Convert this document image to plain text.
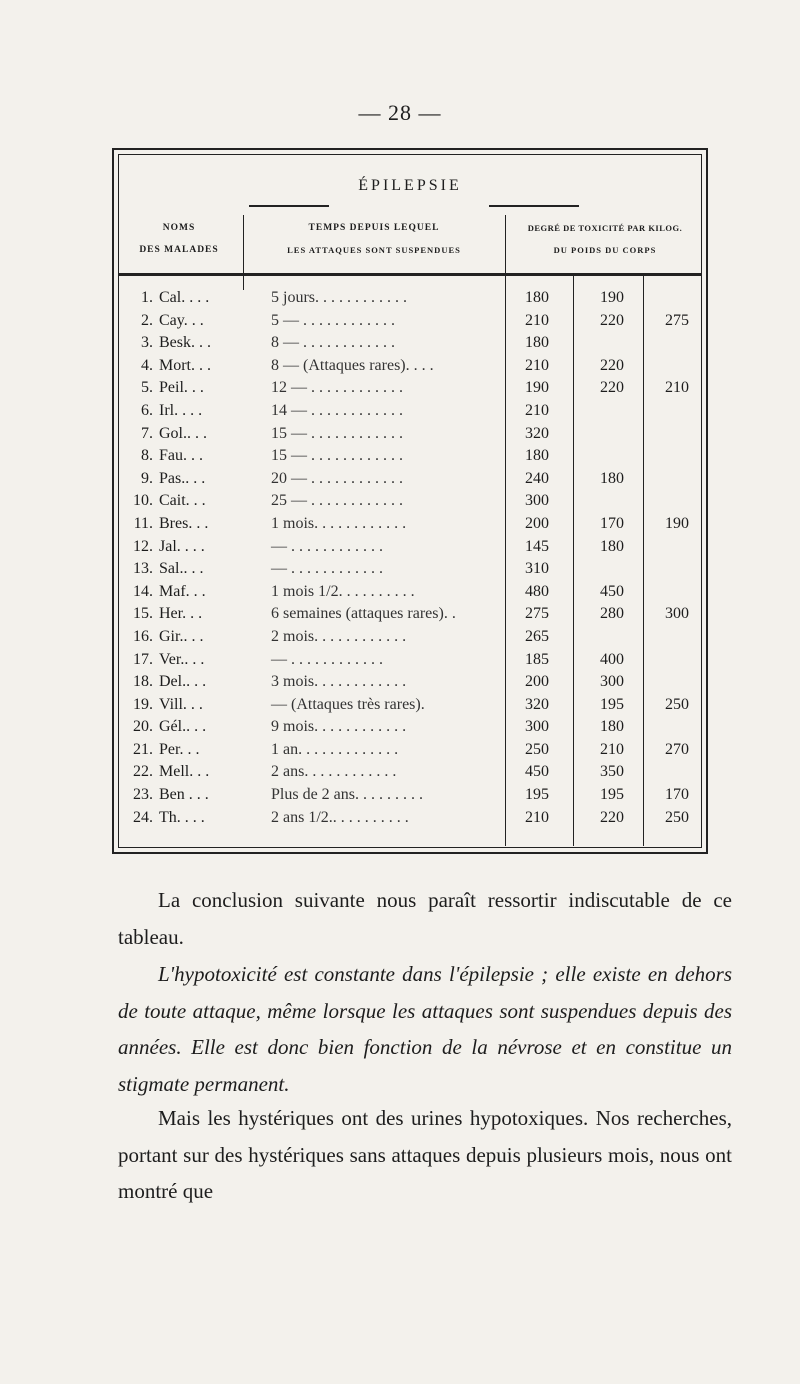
— 28 —
ÉPILEPSIE
NOMS
DES MALADES
TEMPS DEPUIS LEQUEL
LES ATTAQUES SONT SUSPENDUES
DEGRÉ DE TOXICITÉ PAR KILOG.
DU POIDS DU CORPS
1. Cal. . . .	5 jours. . . . . . . . . . . .	180	190
2. Cay. . .	5 — . . . . . . . . . . . .	210	220	275
3. Besk. . .	8 — . . . . . . . . . . . .	180
4. Mort. . .	8 — (Attaques rares). . . .	210	220
5. Peil. . .	12 — . . . . . . . . . . . .	190	220	210
6. Irl. . . .	14 — . . . . . . . . . . . .	210
7. Gol.. . .	15 — . . . . . . . . . . . .	320
8. Fau. . .	15 — . . . . . . . . . . . .	180
9. Pas.. . .	20 — . . . . . . . . . . . .	240	180
10. Cait. . .	25 — . . . . . . . . . . . .	300
11. Bres. . .	1 mois. . . . . . . . . . . .	200	170	190
12. Jal. . . .	— . . . . . . . . . . . .	145	180
13. Sal.. . .	— . . . . . . . . . . . .	310
14. Maf. . .	1 mois 1/2. . . . . . . . . .	480	450
15. Her. . .	6 semaines (attaques rares). .	275	280	300
16. Gir.. . .	2 mois. . . . . . . . . . . .	265
17. Ver.. . .	— . . . . . . . . . . . .	185	400
18. Del.. . .	3 mois. . . . . . . . . . . .	200	300
19. Vill. . .	— (Attaques très rares).	320	195	250
20. Gél.. . .	9 mois. . . . . . . . . . . .	300	180
21. Per. . .	1 an. . . . . . . . . . . . .	250	210	270
22. Mell. . .	2 ans. . . . . . . . . . . .	450	350
23. Ben . . .	Plus de 2 ans. . . . . . . . .	195	195	170
24. Th. . . .	2 ans 1/2.. . . . . . . . . .	210	220	250
La conclusion suivante nous paraît ressortir indiscutable de ce tableau.
L'hypotoxicité est constante dans l'épilepsie ; elle existe en dehors de toute attaque, même lorsque les attaques sont suspendues depuis des années. Elle est donc bien fonction de la névrose et en constitue un stigmate permanent.
Mais les hystériques ont des urines hypotoxiques. Nos recherches, portant sur des hystériques sans attaques depuis plusieurs mois, nous ont montré que
